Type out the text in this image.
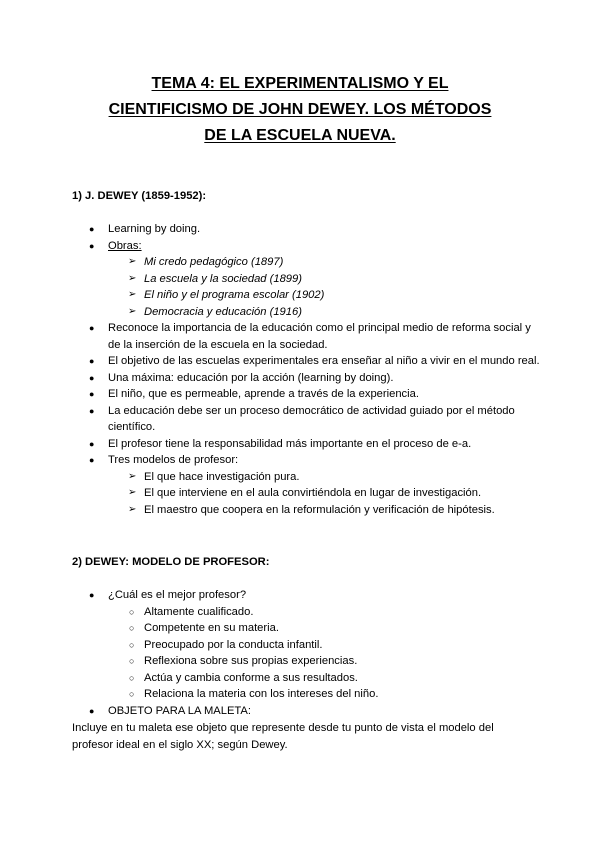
TEMA 4: EL EXPERIMENTALISMO Y EL
CIENTIFICISMO DE JOHN DEWEY. LOS MÉTODOS
DE LA ESCUELA NUEVA.
1) J. DEWEY (1859-1952):
● Learning by doing.
● Obras:
➢ Mi credo pedagógico (1897)
➢ La escuela y la sociedad (1899)
➢ El niño y el programa escolar (1902)
➢ Democracia y educación (1916)
● Reconoce la importancia de la educación como el principal medio de reforma social y de la inserción de la escuela en la sociedad.
● El objetivo de las escuelas experimentales era enseñar al niño a vivir en el mundo real.
● Una máxima: educación por la acción (learning by doing).
● El niño, que es permeable, aprende a través de la experiencia.
● La educación debe ser un proceso democrático de actividad guiado por el método científico.
● El profesor tiene la responsabilidad más importante en el proceso de e-a.
● Tres modelos de profesor:
➢ El que hace investigación pura.
➢ El que interviene en el aula convirtiéndola en lugar de investigación.
➢ El maestro que coopera en la reformulación y verificación de hipótesis.
2) DEWEY: MODELO DE PROFESOR:
● ¿Cuál es el mejor profesor?
○ Altamente cualificado.
○ Competente en su materia.
○ Preocupado por la conducta infantil.
○ Reflexiona sobre sus propias experiencias.
○ Actúa y cambia conforme a sus resultados.
○ Relaciona la materia con los intereses del niño.
● OBJETO PARA LA MALETA:
Incluye en tu maleta ese objeto que represente desde tu punto de vista el modelo del profesor ideal en el siglo XX; según Dewey.
